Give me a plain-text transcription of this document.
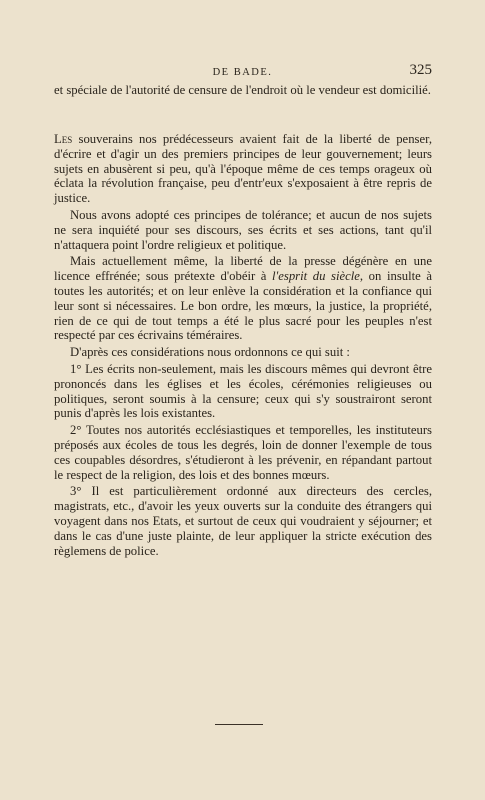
DE BADE.	325
et spéciale de l'autorité de censure de l'endroit où le vendeur est domicilié.

Les souverains nos prédécesseurs avaient fait de la liberté de penser, d'écrire et d'agir un des premiers principes de leur gouvernement; leurs sujets en abusèrent si peu, qu'à l'époque même de ces temps orageux où éclata la révolution française, peu d'entr'eux s'exposaient à être repris de justice.

Nous avons adopté ces principes de tolérance; et aucun de nos sujets ne sera inquiété pour ses discours, ses écrits et ses actions, tant qu'il n'attaquera point l'ordre religieux et politique.

Mais actuellement même, la liberté de la presse dégénère en une licence effrénée; sous prétexte d'obéir à l'esprit du siècle, on insulte à toutes les autorités; et on leur enlève la considération et la confiance qui leur sont si nécessaires. Le bon ordre, les mœurs, la justice, la propriété, rien de ce qui de tout temps a été le plus sacré pour les peuples n'est respecté par ces écrivains téméraires.

D'après ces considérations nous ordonnons ce qui suit :

1° Les écrits non-seulement, mais les discours mêmes qui devront être prononcés dans les églises et les écoles, cérémonies religieuses ou politiques, seront soumis à la censure; ceux qui s'y soustrairont seront punis d'après les lois existantes.

2° Toutes nos autorités ecclésiastiques et temporelles, les instituteurs préposés aux écoles de tous les degrés, loin de donner l'exemple de tous ces coupables désordres, s'étudieront à les prévenir, en répandant partout le respect de la religion, des lois et des bonnes mœurs.

3° Il est particulièrement ordonné aux directeurs des cercles, magistrats, etc., d'avoir les yeux ouverts sur la conduite des étrangers qui voyagent dans nos Etats, et surtout de ceux qui voudraient y séjourner; et dans le cas d'une juste plainte, de leur appliquer la stricte exécution des règlemens de police.
